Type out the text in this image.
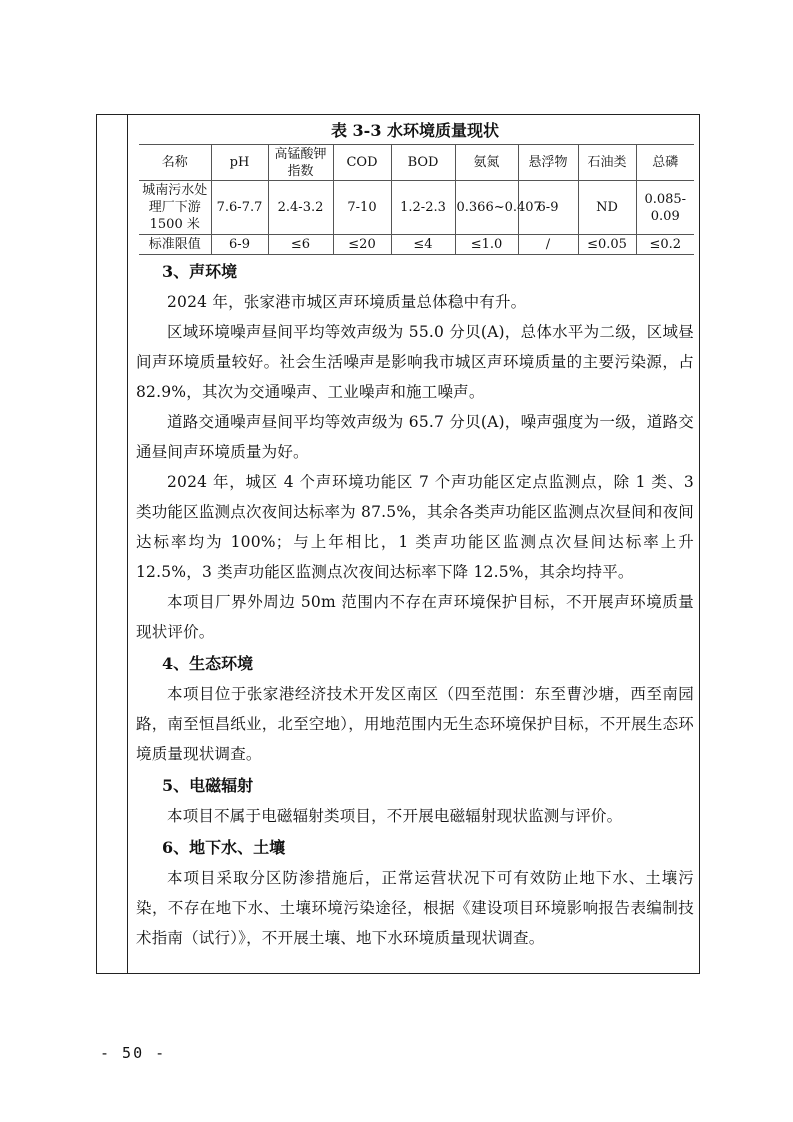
表 3-3 水环境质量现状
名称	pH	高锰酸钾指数	COD	BOD	氨氮	悬浮物	石油类	总磷
城南污水处理厂下游 1500 米	7.6-7.7	2.4-3.2	7-10	1.2-2.3	0.366~0.407	6-9	ND	0.085-0.09
标准限值	6-9	≤6	≤20	≤4	≤1.0	/	≤0.05	≤0.2
3、声环境

2024 年，张家港市城区声环境质量总体稳中有升。

区域环境噪声昼间平均等效声级为 55.0 分贝(A)，总体水平为二级，区域昼间声环境质量较好。社会生活噪声是影响我市城区声环境质量的主要污染源，占 82.9%，其次为交通噪声、工业噪声和施工噪声。

道路交通噪声昼间平均等效声级为 65.7 分贝(A)，噪声强度为一级，道路交通昼间声环境质量为好。

2024 年，城区 4 个声环境功能区 7 个声功能区定点监测点，除 1 类、3 类功能区监测点次夜间达标率为 87.5%，其余各类声功能区监测点次昼间和夜间达标率均为 100%；与上年相比，1 类声功能区监测点次昼间达标率上升 12.5%，3 类声功能区监测点次夜间达标率下降 12.5%，其余均持平。

本项目厂界外周边 50m 范围内不存在声环境保护目标，不开展声环境质量现状评价。

4、生态环境

本项目位于张家港经济技术开发区南区（四至范围：东至曹沙塘，西至南园路，南至恒昌纸业，北至空地），用地范围内无生态环境保护目标，不开展生态环境质量现状调查。

5、电磁辐射

本项目不属于电磁辐射类项目，不开展电磁辐射现状监测与评价。

6、地下水、土壤

本项目采取分区防渗措施后，正常运营状况下可有效防止地下水、土壤污染，不存在地下水、土壤环境污染途径，根据《建设项目环境影响报告表编制技术指南（试行）》，不开展土壤、地下水环境质量现状调查。

- 50 -
